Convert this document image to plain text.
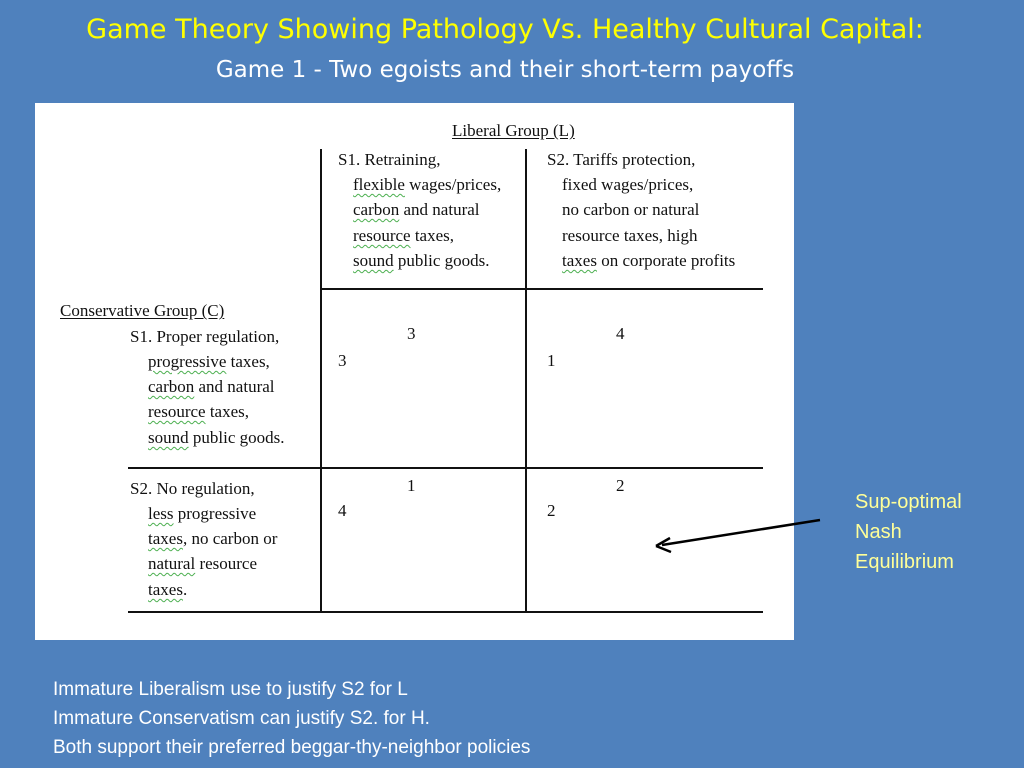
Game Theory Showing Pathology Vs. Healthy Cultural Capital:
Game 1 - Two egoists and their short-term payoffs
Liberal Group (L)
S1. Retraining,
flexible wages/prices,
carbon and natural
resource taxes,
sound public goods.
S2. Tariffs protection,
fixed wages/prices,
no carbon or natural
resource taxes, high
taxes on corporate profits
Conservative Group (C)
S1. Proper regulation,
progressive taxes,
carbon and natural
resource taxes,
sound public goods.
S2. No regulation,
less progressive
taxes, no carbon or
natural resource
taxes.
3
3
4
1
1
4
2
2	Sup-optimal
Nash
Equilibrium
Immature Liberalism use to justify S2 for L
Immature Conservatism can justify S2. for H.
Both support their preferred beggar-thy-neighbor policies
